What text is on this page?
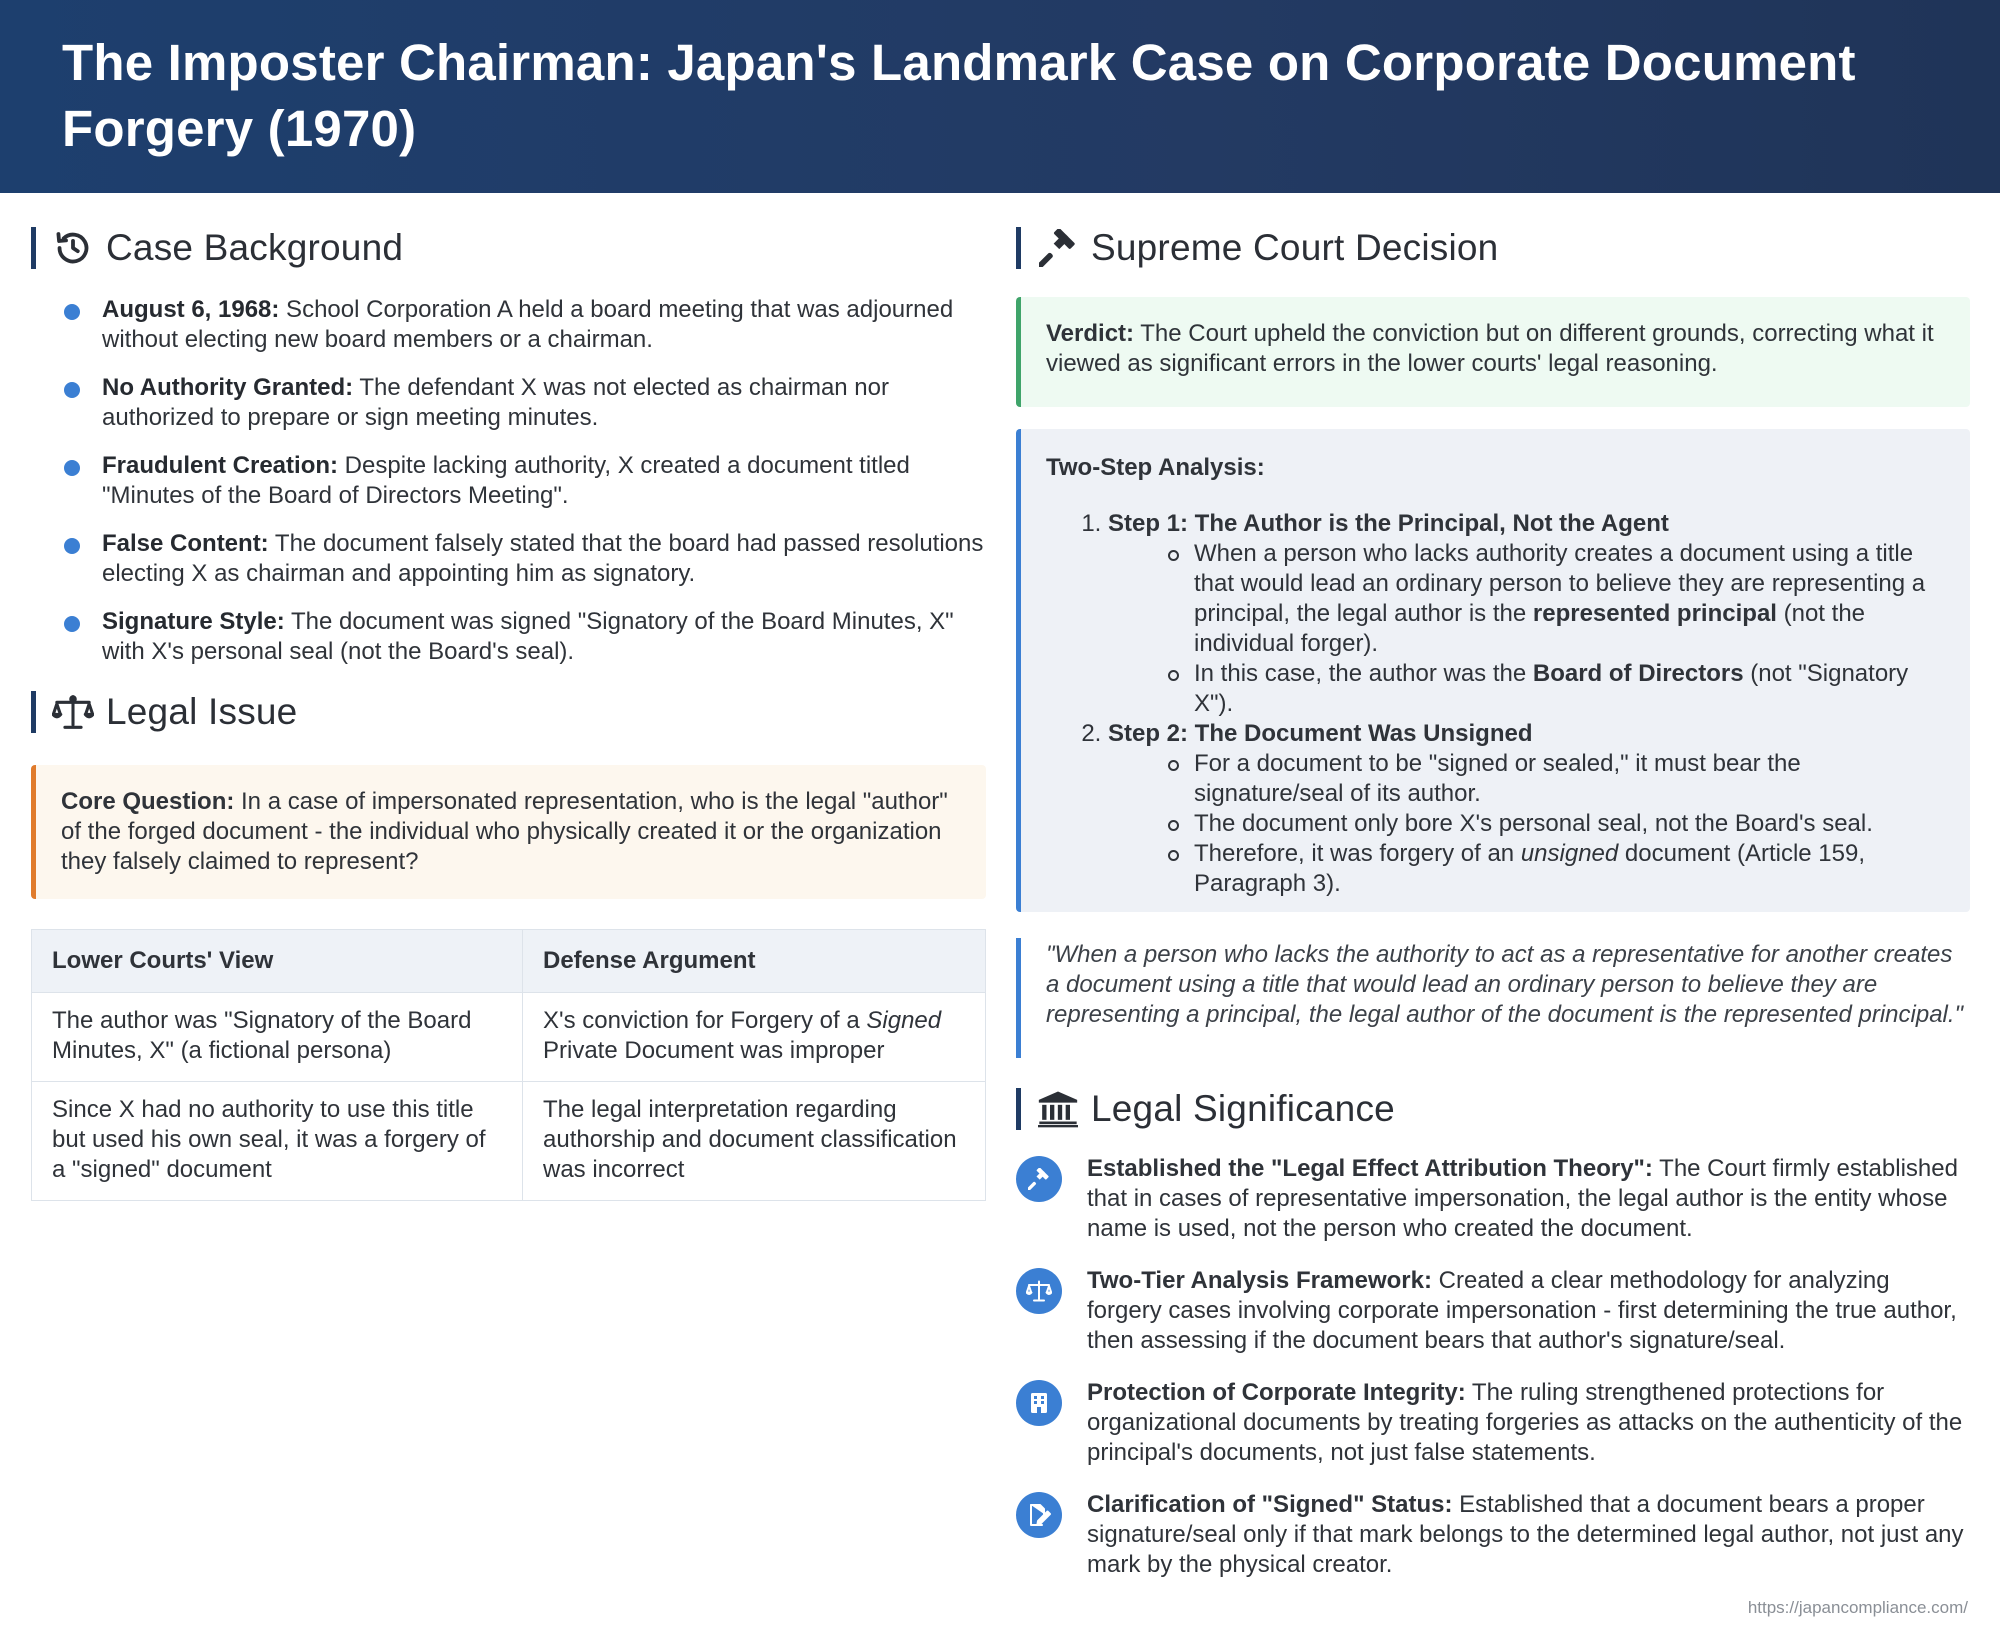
The Imposter Chairman: Japan's Landmark Case on Corporate Document Forgery (1970)
Case Background
August 6, 1968: School Corporation A held a board meeting that was adjourned without electing new board members or a chairman.
No Authority Granted: The defendant X was not elected as chairman nor authorized to prepare or sign meeting minutes.
Fraudulent Creation: Despite lacking authority, X created a document titled "Minutes of the Board of Directors Meeting".
False Content: The document falsely stated that the board had passed resolutions electing X as chairman and appointing him as signatory.
Signature Style: The document was signed "Signatory of the Board Minutes, X" with X's personal seal (not the Board's seal).
Legal Issue
Core Question: In a case of impersonated representation, who is the legal "author" of the forged document - the individual who physically created it or the organization they falsely claimed to represent?
Lower Courts' View	Defense Argument
The author was "Signatory of the Board Minutes, X" (a fictional persona)	X's conviction for Forgery of a Signed Private Document was improper
Since X had no authority to use this title but used his own seal, it was a forgery of a "signed" document	The legal interpretation regarding authorship and document classification was incorrect
Supreme Court Decision
Verdict: The Court upheld the conviction but on different grounds, correcting what it viewed as significant errors in the lower courts' legal reasoning.
Two-Step Analysis:
1. Step 1: The Author is the Principal, Not the Agent
When a person who lacks authority creates a document using a title that would lead an ordinary person to believe they are representing a principal, the legal author is the represented principal (not the individual forger).
In this case, the author was the Board of Directors (not "Signatory X").
2. Step 2: The Document Was Unsigned
For a document to be "signed or sealed," it must bear the signature/seal of its author.
The document only bore X's personal seal, not the Board's seal.
Therefore, it was forgery of an unsigned document (Article 159, Paragraph 3).
"When a person who lacks the authority to act as a representative for another creates a document using a title that would lead an ordinary person to believe they are representing a principal, the legal author of the document is the represented principal."
Legal Significance
Established the "Legal Effect Attribution Theory": The Court firmly established that in cases of representative impersonation, the legal author is the entity whose name is used, not the person who created the document.
Two-Tier Analysis Framework: Created a clear methodology for analyzing forgery cases involving corporate impersonation - first determining the true author, then assessing if the document bears that author's signature/seal.
Protection of Corporate Integrity: The ruling strengthened protections for organizational documents by treating forgeries as attacks on the authenticity of the principal's documents, not just false statements.
Clarification of "Signed" Status: Established that a document bears a proper signature/seal only if that mark belongs to the determined legal author, not just any mark by the physical creator.
https://japancompliance.com/
